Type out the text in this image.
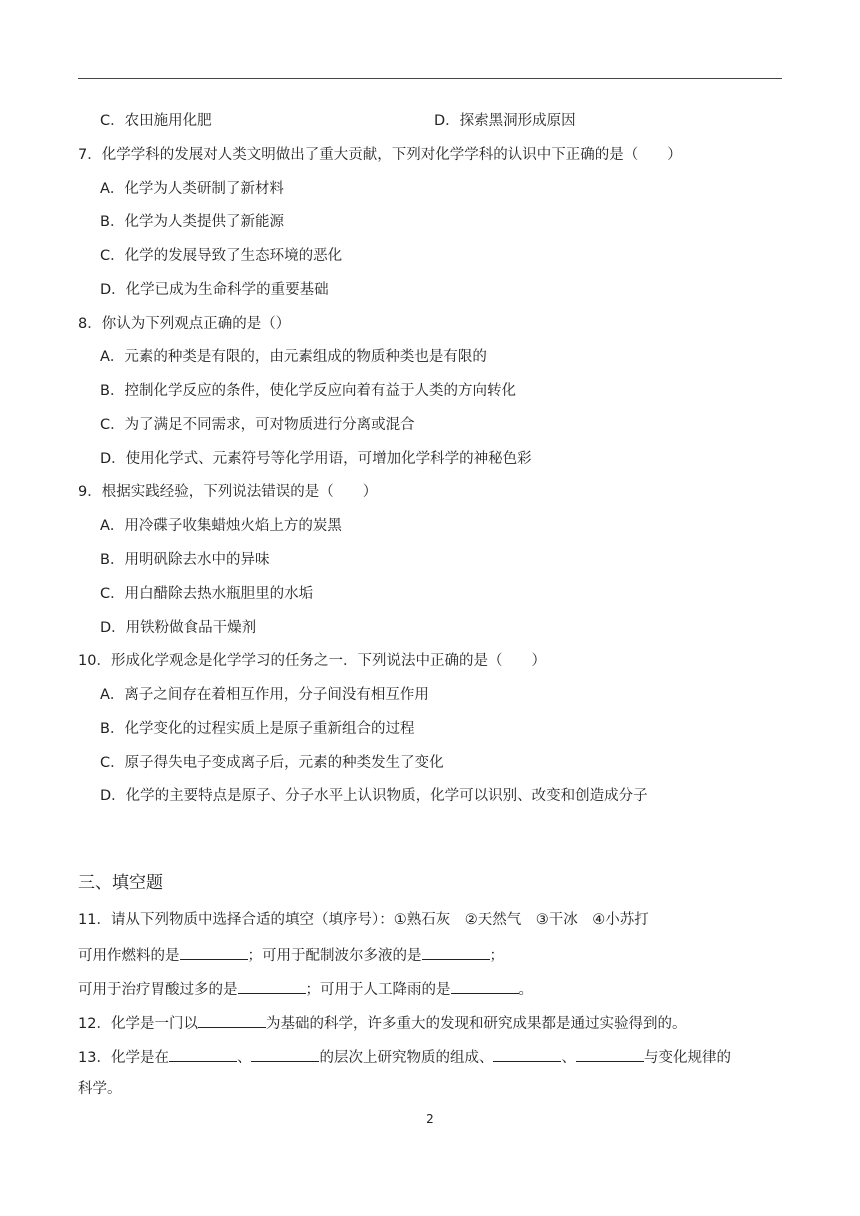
C．农田施用化肥	D．探索黑洞形成原因
7．化学学科的发展对人类文明做出了重大贡献，下列对化学学科的认识中下正确的是（　　）
A．化学为人类研制了新材料
B．化学为人类提供了新能源
C．化学的发展导致了生态环境的恶化
D．化学已成为生命科学的重要基础
8．你认为下列观点正确的是（）
A．元素的种类是有限的，由元素组成的物质种类也是有限的
B．控制化学反应的条件，使化学反应向着有益于人类的方向转化
C．为了满足不同需求，可对物质进行分离或混合
D．使用化学式、元素符号等化学用语，可增加化学科学的神秘色彩
9．根据实践经验，下列说法错误的是（　　）
A．用冷碟子收集蜡烛火焰上方的炭黑
B．用明矾除去水中的异味
C．用白醋除去热水瓶胆里的水垢
D．用铁粉做食品干燥剂
10．形成化学观念是化学学习的任务之一．下列说法中正确的是（　　）
A．离子之间存在着相互作用，分子间没有相互作用
B．化学变化的过程实质上是原子重新组合的过程
C．原子得失电子变成离子后，元素的种类发生了变化
D．化学的主要特点是原子、分子水平上认识物质，化学可以识别、改变和创造成分子
三、填空题
11．请从下列物质中选择合适的填空（填序号）：①熟石灰　②天然气　③干冰　④小苏打
可用作燃料的是	；可用于配制波尔多液的是	；
可用于治疗胃酸过多的是	；可用于人工降雨的是	。
12．化学是一门以	为基础的科学，许多重大的发现和研究成果都是通过实验得到的。
13．化学是在	、	的层次上研究物质的组成、	、	与变化规律的
科学。
2
